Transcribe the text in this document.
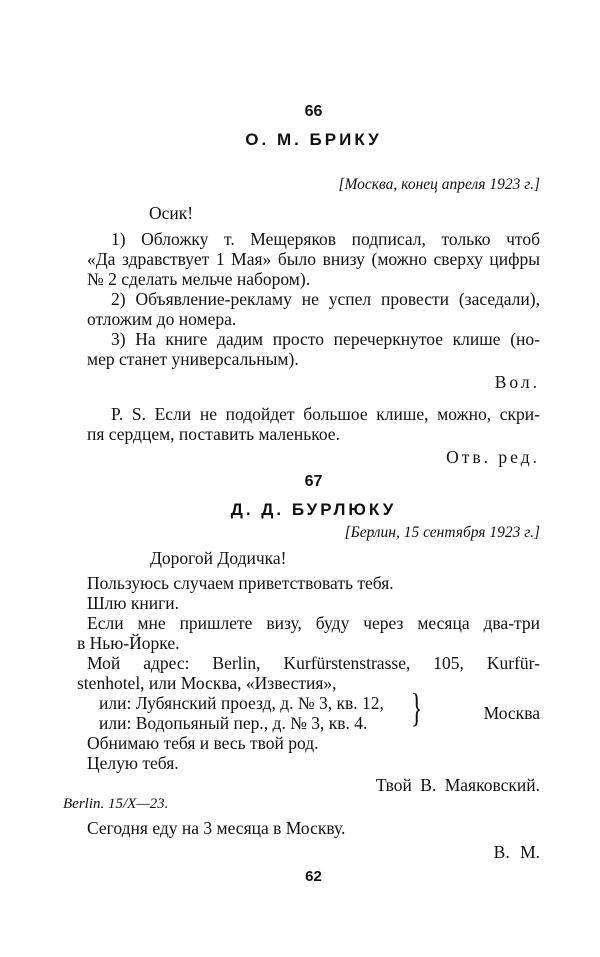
66
О. М. БРИКУ
[Москва, конец апреля 1923 г.]
Осик!
1) Обложку т. Мещеряков подписал, только чтоб
«Да здравствует 1 Мая» было внизу (можно сверху цифры
№ 2 сделать мельче набором).
2) Объявление-рекламу не успел провести (заседали),
отложим до номера.
3) На книге дадим просто перечеркнутое клише (но-
мер станет универсальным).
Вол.
P. S. Если не подойдет большое клише, можно, скри-
пя сердцем, поставить маленькое.
Отв. ред.
67
Д. Д. БУРЛЮКУ
[Берлин, 15 сентября 1923 г.]
Дорогой Додичка!
Пользуюсь случаем приветствовать тебя.
Шлю книги.
Если мне пришлете визу, буду через месяца два-три
в Нью-Йорке.
Мой адрес: Berlin, Kurfürstenstrasse, 105, Kurfür-
stenhotel, или Москва, «Известия»,
или: Лубянский проезд, д. № 3, кв. 12,
или: Водопьяный пер., д. № 3, кв. 4. }	Москва
Обнимаю тебя и весь твой род.
Целую тебя.
Твой В. Маяковский.
Berlin. 15/X—23.
Сегодня еду на 3 месяца в Москву.
В. М.
62
